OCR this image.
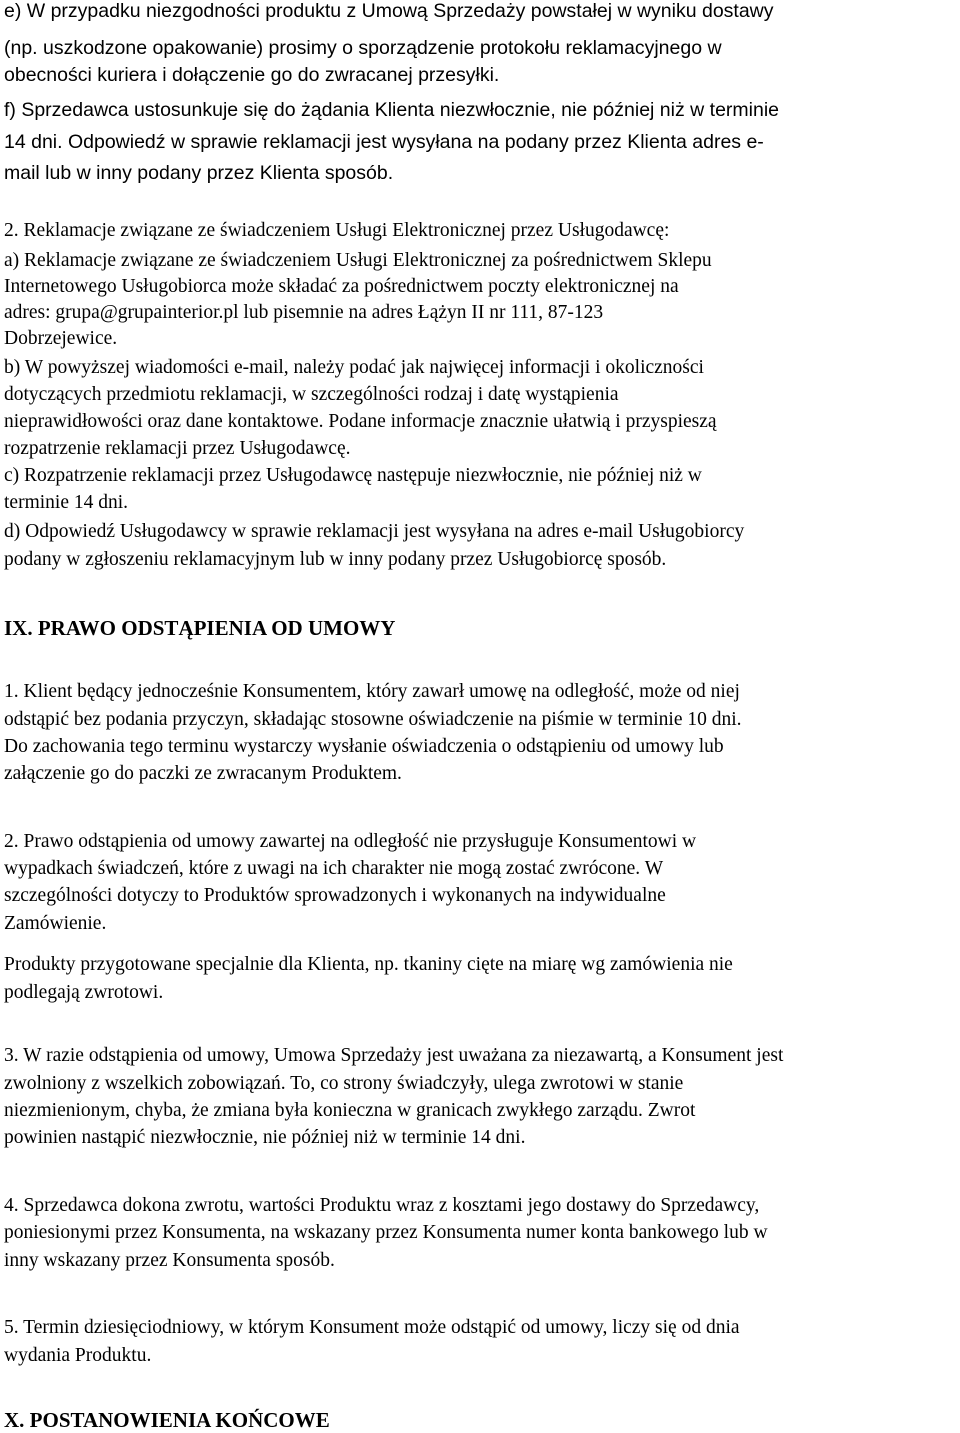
e) W przypadku niezgodności produktu z Umową Sprzedaży powstałej w wyniku dostawy

(np. uszkodzone opakowanie) prosimy o sporządzenie protokołu reklamacyjnego w

obecności kuriera i dołączenie go do zwracanej przesyłki.

f) Sprzedawca ustosunkuje się do żądania Klienta niezwłocznie, nie później niż w terminie

14 dni. Odpowiedź w sprawie reklamacji jest wysyłana na podany przez Klienta adres e-

mail lub w inny podany przez Klienta sposób.

2. Reklamacje związane ze świadczeniem Usługi Elektronicznej przez Usługodawcę:

a) Reklamacje związane ze świadczeniem Usługi Elektronicznej za pośrednictwem Sklepu

Internetowego Usługobiorca może składać za pośrednictwem poczty elektronicznej na

adres: grupa@grupainterior.pl lub pisemnie na adres Łążyn II nr 111, 87-123

Dobrzejewice.

b) W powyższej wiadomości e-mail, należy podać jak najwięcej informacji i okoliczności

dotyczących przedmiotu reklamacji, w szczególności rodzaj i datę wystąpienia

nieprawidłowości oraz dane kontaktowe. Podane informacje znacznie ułatwią i przyspieszą

rozpatrzenie reklamacji przez Usługodawcę.

c) Rozpatrzenie reklamacji przez Usługodawcę następuje niezwłocznie, nie później niż w

terminie 14 dni.

d) Odpowiedź Usługodawcy w sprawie reklamacji jest wysyłana na adres e-mail Usługobiorcy

podany w zgłoszeniu reklamacyjnym lub w inny podany przez Usługobiorcę sposób.

IX. PRAWO ODSTĄPIENIA OD UMOWY

1. Klient będący jednocześnie Konsumentem, który zawarł umowę na odległość, może od niej

odstąpić bez podania przyczyn, składając stosowne oświadczenie na piśmie w terminie 10 dni.

Do zachowania tego terminu wystarczy wysłanie oświadczenia o odstąpieniu od umowy lub

załączenie go do paczki ze zwracanym Produktem.

2. Prawo odstąpienia od umowy zawartej na odległość nie przysługuje Konsumentowi w

wypadkach świadczeń, które z uwagi na ich charakter nie mogą zostać zwrócone. W

szczególności dotyczy to Produktów sprowadzonych i wykonanych na indywidualne

Zamówienie.

Produkty przygotowane specjalnie dla Klienta, np. tkaniny cięte na miarę wg zamówienia nie

podlegają zwrotowi.

3. W razie odstąpienia od umowy, Umowa Sprzedaży jest uważana za niezawartą, a Konsument jest

zwolniony z wszelkich zobowiązań. To, co strony świadczyły, ulega zwrotowi w stanie

niezmienionym, chyba, że zmiana była konieczna w granicach zwykłego zarządu. Zwrot

powinien nastąpić niezwłocznie, nie później niż w terminie 14 dni.

4. Sprzedawca dokona zwrotu, wartości Produktu wraz z kosztami jego dostawy do Sprzedawcy,

poniesionymi przez Konsumenta, na wskazany przez Konsumenta numer konta bankowego lub w

inny wskazany przez Konsumenta sposób.

5. Termin dziesięciodniowy, w którym Konsument może odstąpić od umowy, liczy się od dnia

wydania Produktu.

X. POSTANOWIENIA KOŃCOWE
